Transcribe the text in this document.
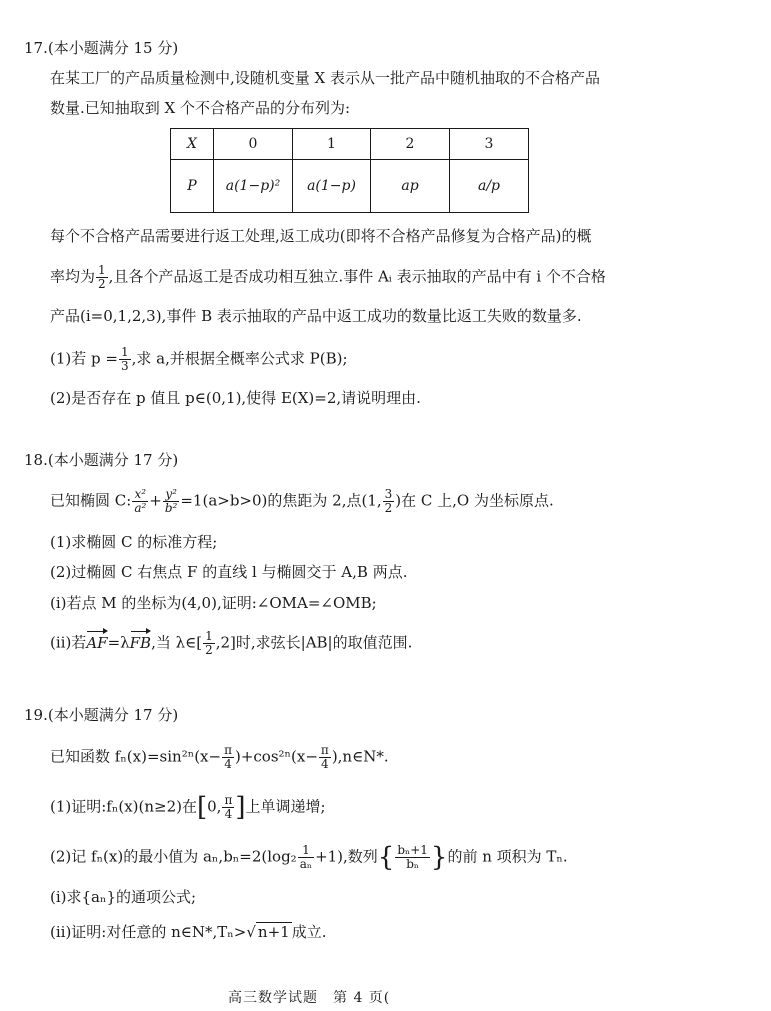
17.(本小题满分 15 分)
在某工厂的产品质量检测中,设随机变量 X 表示从一批产品中随机抽取的不合格产品
数量.已知抽取到 X 个不合格产品的分布列为:
X	0	1	2	3
P	a(1−p)²	a(1−p)	ap	a/p
每个不合格产品需要进行返工处理,返工成功(即将不合格产品修复为合格产品)的概
率均为 $\frac{1}{2}$ ,且各个产品返工是否成功相互独立.事件 Aᵢ 表示抽取的产品中有 i 个不合格
产品(i=0,1,2,3),事件 B 表示抽取的产品中返工成功的数量比返工失败的数量多.
(1)若 $p = \frac{1}{3}$ ,求 a,并根据全概率公式求 P(B);
(2)是否存在 p 值且 p∈(0,1),使得 E(X)=2,请说明理由.
18.(本小题满分 17 分)
已知椭圆 C: $\frac{\text{x²}}{\text{a²}} + \frac{\text{y²}}{\text{b²}} =1(a>b>0)$的焦距为 2,点(1, $\frac{3}{2}$ )在 C 上,O 为坐标原点.
(1)求椭圆 C 的标准方程;
(2)过椭圆 C 右焦点 F 的直线 l 与椭圆交于 A,B 两点.
(ⅰ)若点 M 的坐标为(4,0),证明:∠OMA=∠OMB;
(ⅱ)若AF=λFB,当 λ∈[ $\frac{1}{2} ,2$]时,求弦长|AB|的取值范围.
19.(本小题满分 17 分)
已知函数 $f_n(x)=\sin^{2n}(x- \frac{\pi}{4} )+\cos^{2n}(x- \frac{\pi}{4}$ ),n∈N*.
(1)证明:fₙ(x)(n≥2)在[0, $\frac{\pi}{4}$ ]上单调递增;
(2)记 fₙ(x)的最小值为 $a_n,b_n=2(\log_2 \frac{1}{\text{aₙ}} +1)$,数列{ $\frac{\text{bₙ+1}}{\text{bₙ}}$ }的前 n 项积为 Tₙ.
(ⅰ)求{aₙ}的通项公式;
(ⅱ)证明:对任意的 n∈N*,Tₙ>√ n+1 成立.
高三数学试题　第 4 页(
